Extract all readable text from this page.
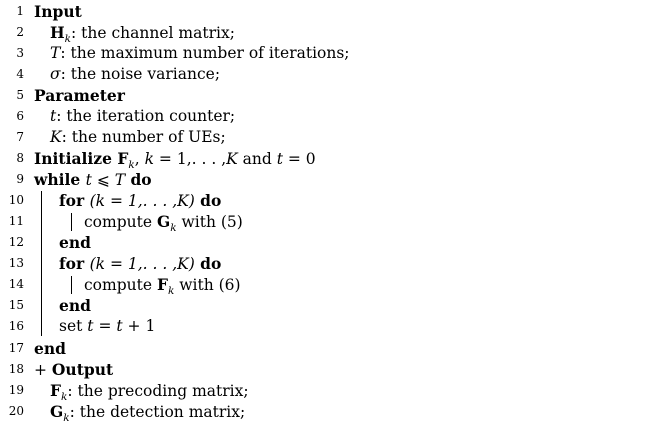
1 Input
2 $H_k$: the channel matrix;
3 T: the maximum number of iterations;
4 σ: the noise variance;
5 Parameter
6 t: the iteration counter;
7 K: the number of UEs;
8 Initialize $F_k$, k = 1,. . . ,K and t = 0
9 while t ⩽ T do
10 for (k = 1,. . . ,K) do
11	compute $G_k$ with (5)
12 end
13 for (k = 1,. . . ,K) do
14	compute $F_k$ with (6)
15 end
16 set t = t + 1
17 end
18 + Output
19 $F_k$: the precoding matrix;
20 $G_k$: the detection matrix;
